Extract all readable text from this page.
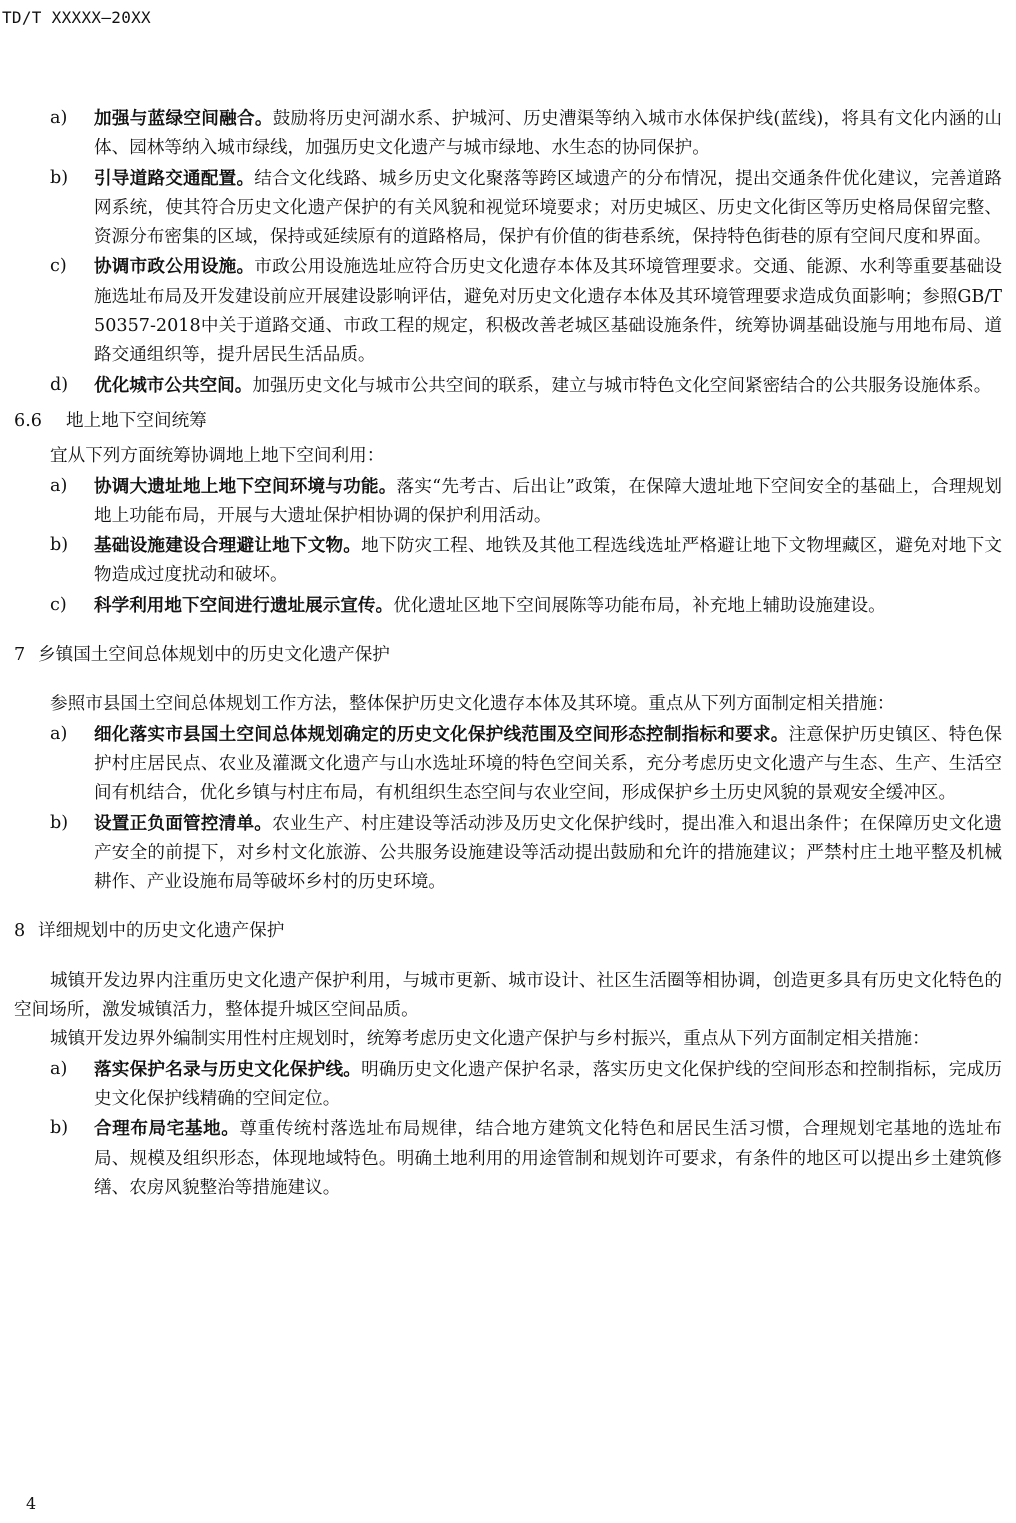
TD/T XXXXX—20XX
a)	加强与蓝绿空间融合。鼓励将历史河湖水系、护城河、历史漕渠等纳入城市水体保护线(蓝线)，将具有文化内涵的山体、园林等纳入城市绿线，加强历史文化遗产与城市绿地、水生态的协同保护。
b)	引导道路交通配置。结合文化线路、城乡历史文化聚落等跨区域遗产的分布情况，提出交通条件优化建议，完善道路网系统，使其符合历史文化遗产保护的有关风貌和视觉环境要求；对历史城区、历史文化街区等历史格局保留完整、资源分布密集的区域，保持或延续原有的道路格局，保护有价值的街巷系统，保持特色街巷的原有空间尺度和界面。
c)	协调市政公用设施。市政公用设施选址应符合历史文化遗存本体及其环境管理要求。交通、能源、水利等重要基础设施选址布局及开发建设前应开展建设影响评估，避免对历史文化遗存本体及其环境管理要求造成负面影响；参照GB/T 50357-2018中关于道路交通、市政工程的规定，积极改善老城区基础设施条件，统筹协调基础设施与用地布局、道路交通组织等，提升居民生活品质。
d)	优化城市公共空间。加强历史文化与城市公共空间的联系，建立与城市特色文化空间紧密结合的公共服务设施体系。
6.6 地上地下空间统筹
宜从下列方面统筹协调地上地下空间利用：
a)	协调大遗址地上地下空间环境与功能。落实“先考古、后出让”政策，在保障大遗址地下空间安全的基础上，合理规划地上功能布局，开展与大遗址保护相协调的保护利用活动。
b)	基础设施建设合理避让地下文物。地下防灾工程、地铁及其他工程选线选址严格避让地下文物埋藏区，避免对地下文物造成过度扰动和破坏。
c)	科学利用地下空间进行遗址展示宣传。优化遗址区地下空间展陈等功能布局，补充地上辅助设施建设。
7 乡镇国土空间总体规划中的历史文化遗产保护
参照市县国土空间总体规划工作方法，整体保护历史文化遗存本体及其环境。重点从下列方面制定相关措施：
a)	细化落实市县国土空间总体规划确定的历史文化保护线范围及空间形态控制指标和要求。注意保护历史镇区、特色保护村庄居民点、农业及灌溉文化遗产与山水选址环境的特色空间关系，充分考虑历史文化遗产与生态、生产、生活空间有机结合，优化乡镇与村庄布局，有机组织生态空间与农业空间，形成保护乡土历史风貌的景观安全缓冲区。
b)	设置正负面管控清单。农业生产、村庄建设等活动涉及历史文化保护线时，提出准入和退出条件；在保障历史文化遗产安全的前提下，对乡村文化旅游、公共服务设施建设等活动提出鼓励和允许的措施建议；严禁村庄土地平整及机械耕作、产业设施布局等破坏乡村的历史环境。
8 详细规划中的历史文化遗产保护
城镇开发边界内注重历史文化遗产保护利用，与城市更新、城市设计、社区生活圈等相协调，创造更多具有历史文化特色的空间场所，激发城镇活力，整体提升城区空间品质。
城镇开发边界外编制实用性村庄规划时，统筹考虑历史文化遗产保护与乡村振兴，重点从下列方面制定相关措施：
a)	落实保护名录与历史文化保护线。明确历史文化遗产保护名录，落实历史文化保护线的空间形态和控制指标，完成历史文化保护线精确的空间定位。
b)	合理布局宅基地。尊重传统村落选址布局规律，结合地方建筑文化特色和居民生活习惯，合理规划宅基地的选址布局、规模及组织形态，体现地域特色。明确土地利用的用途管制和规划许可要求，有条件的地区可以提出乡土建筑修缮、农房风貌整治等措施建议。
4
